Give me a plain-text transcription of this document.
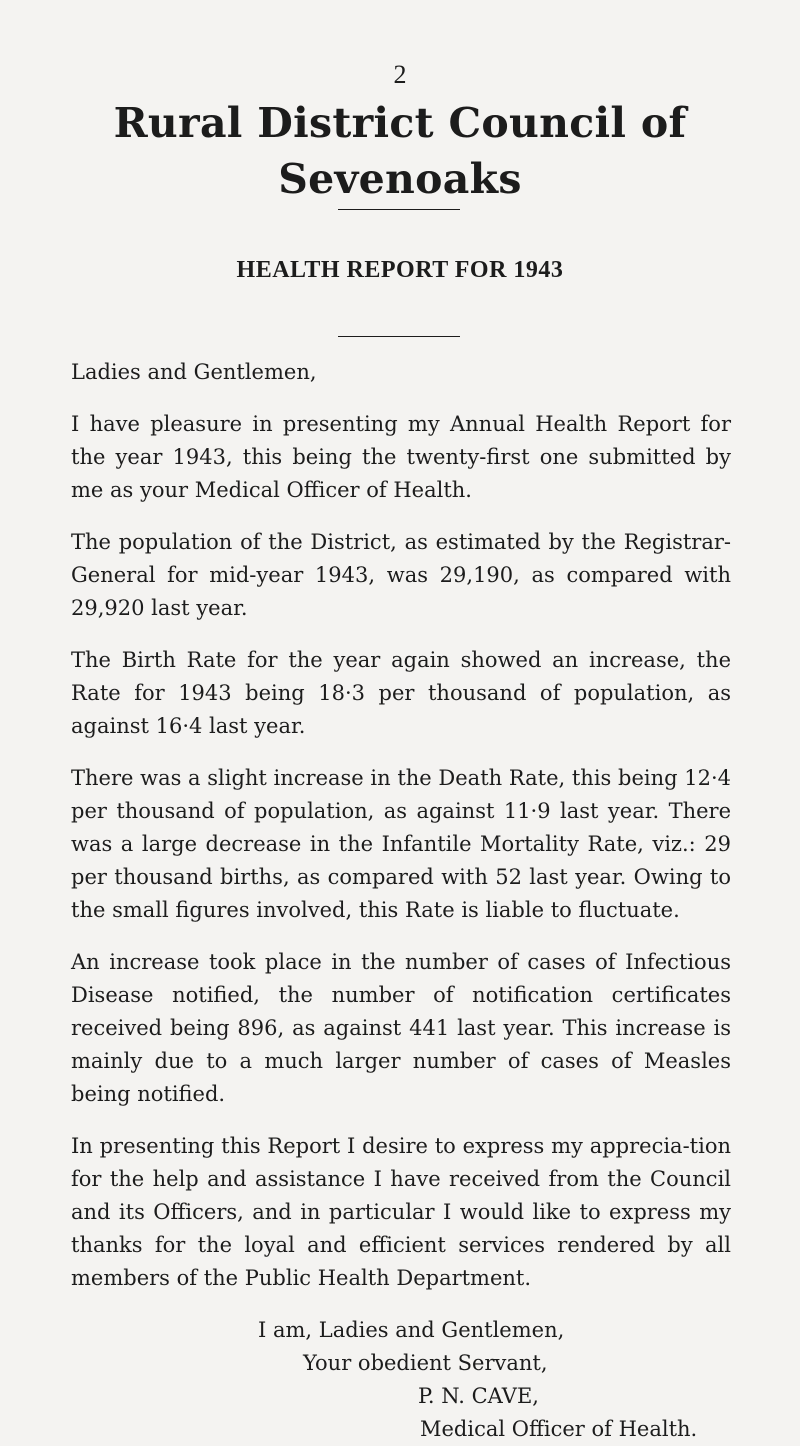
2
Rural District Council of Sevenoaks
HEALTH REPORT FOR 1943
Ladies and Gentlemen,

I have pleasure in presenting my Annual Health Report for the year 1943, this being the twenty-first one submitted by me as your Medical Officer of Health.

The population of the District, as estimated by the Registrar-General for mid-year 1943, was 29,190, as compared with 29,920 last year.

The Birth Rate for the year again showed an increase, the Rate for 1943 being 18·3 per thousand of population, as against 16·4 last year.

There was a slight increase in the Death Rate, this being 12·4 per thousand of population, as against 11·9 last year. There was a large decrease in the Infantile Mortality Rate, viz.: 29 per thousand births, as compared with 52 last year. Owing to the small figures involved, this Rate is liable to fluctuate.

An increase took place in the number of cases of Infectious Disease notified, the number of notification certificates received being 896, as against 441 last year. This increase is mainly due to a much larger number of cases of Measles being notified.

In presenting this Report I desire to express my apprecia-tion for the help and assistance I have received from the Council and its Officers, and in particular I would like to express my thanks for the loyal and efficient services rendered by all members of the Public Health Department.

I am, Ladies and Gentlemen,
Your obedient Servant,
P. N. CAVE,
Medical Officer of Health.
